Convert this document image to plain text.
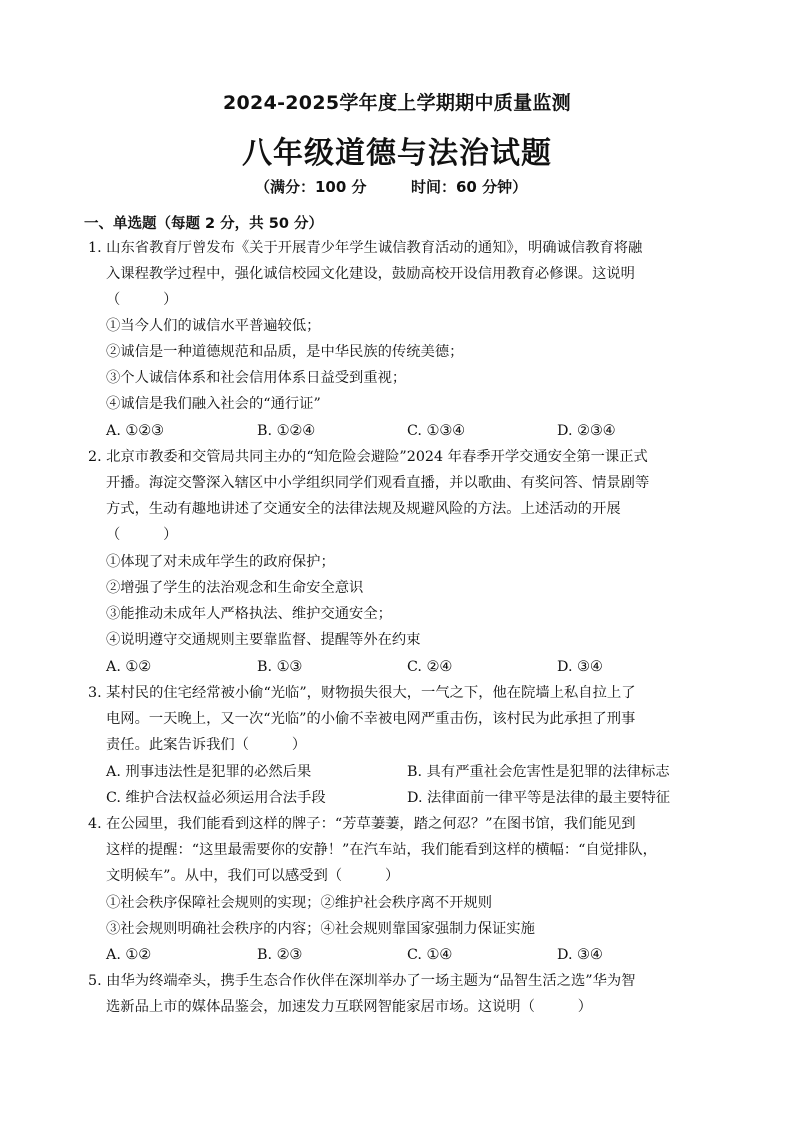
2024-2025学年度上学期期中质量监测
八年级道德与法治试题
（满分：100 分	时间：60 分钟）
一、单选题（每题 2 分，共 50 分）
1. 山东省教育厅曾发布《关于开展青少年学生诚信教育活动的通知》，明确诚信教育将融
入课程教学过程中，强化诚信校园文化建设，鼓励高校开设信用教育必修课。这说明
（　　　）
①当今人们的诚信水平普遍较低；
②诚信是一种道德规范和品质，是中华民族的传统美德；
③个人诚信体系和社会信用体系日益受到重视；
④诚信是我们融入社会的“通行证”
A. ①②③	B. ①②④	C. ①③④	D. ②③④
2. 北京市教委和交管局共同主办的“知危险会避险”2024 年春季开学交通安全第一课正式
开播。海淀交警深入辖区中小学组织同学们观看直播，并以歌曲、有奖问答、情景剧等
方式，生动有趣地讲述了交通安全的法律法规及规避风险的方法。上述活动的开展
（　　　）
①体现了对未成年学生的政府保护；
②增强了学生的法治观念和生命安全意识
③能推动未成年人严格执法、维护交通安全；
④说明遵守交通规则主要靠监督、提醒等外在约束
A. ①②	B. ①③	C. ②④	D. ③④
3. 某村民的住宅经常被小偷“光临”，财物损失很大，一气之下，他在院墙上私自拉上了
电网。一天晚上，又一次“光临”的小偷不幸被电网严重击伤，该村民为此承担了刑事
责任。此案告诉我们（　　　）
A. 刑事违法性是犯罪的必然后果	B. 具有严重社会危害性是犯罪的法律标志
C. 维护合法权益必须运用合法手段	D. 法律面前一律平等是法律的最主要特征
4. 在公园里，我们能看到这样的牌子：“芳草萋萋，踏之何忍？”在图书馆，我们能见到
这样的提醒：“这里最需要你的安静！”在汽车站，我们能看到这样的横幅：“自觉排队，
文明候车”。从中，我们可以感受到（　　　）
①社会秩序保障社会规则的实现；②维护社会秩序离不开规则
③社会规则明确社会秩序的内容；④社会规则靠国家强制力保证实施
A. ①②	B. ②③	C. ①④	D. ③④
5. 由华为终端牵头，携手生态合作伙伴在深圳举办了一场主题为“品智生活之选”华为智
选新品上市的媒体品鉴会，加速发力互联网智能家居市场。这说明（　　　）
